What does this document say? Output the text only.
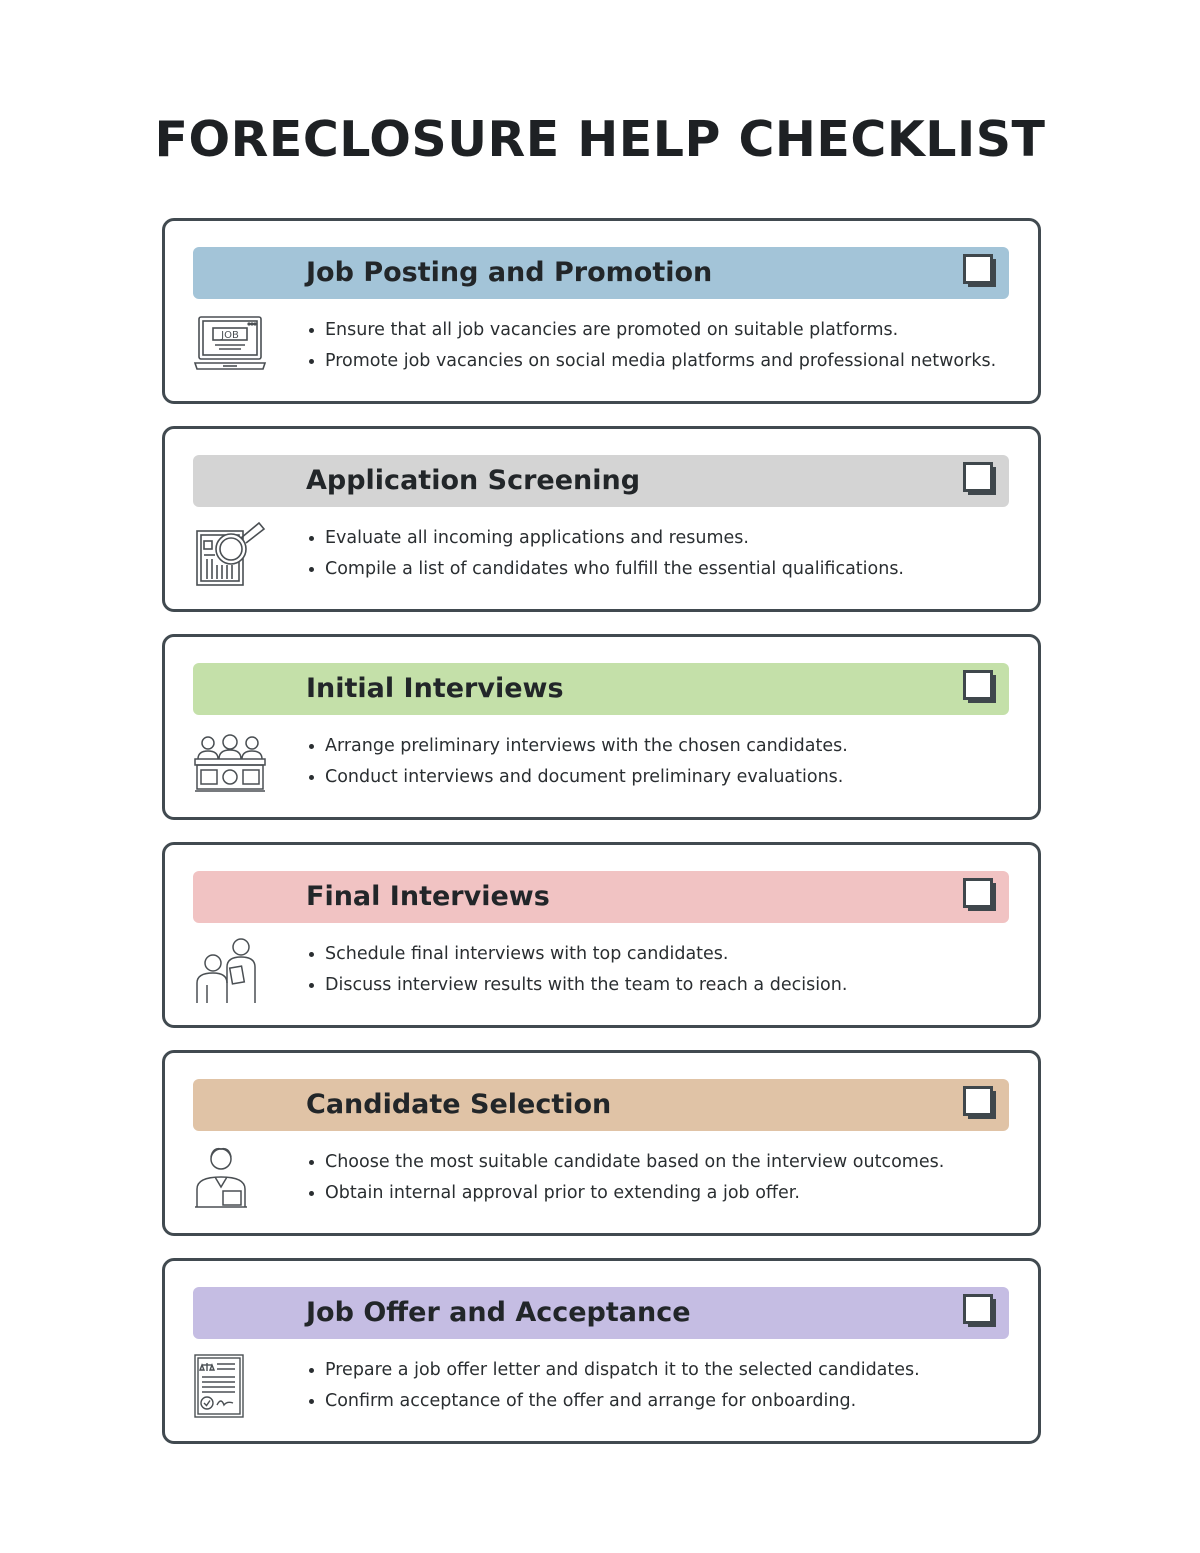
FORECLOSURE HELP CHECKLIST
Job Posting and Promotion
JOB
•	Ensure that all job vacancies are promoted on suitable platforms.
• Promote job vacancies on social media platforms and professional networks.
Application Screening
• Evaluate all incoming applications and resumes.
• Compile a list of candidates who fulfill the essential qualifications.
Initial Interviews
• Arrange preliminary interviews with the chosen candidates.
• Conduct interviews and document preliminary evaluations.
Final Interviews
• Schedule final interviews with top candidates.
• Discuss interview results with the team to reach a decision.
Candidate Selection
• Choose the most suitable candidate based on the interview outcomes.
• Obtain internal approval prior to extending a job offer.
Job Offer and Acceptance
• Prepare a job offer letter and dispatch it to the selected candidates.
• Confirm acceptance of the offer and arrange for onboarding.
